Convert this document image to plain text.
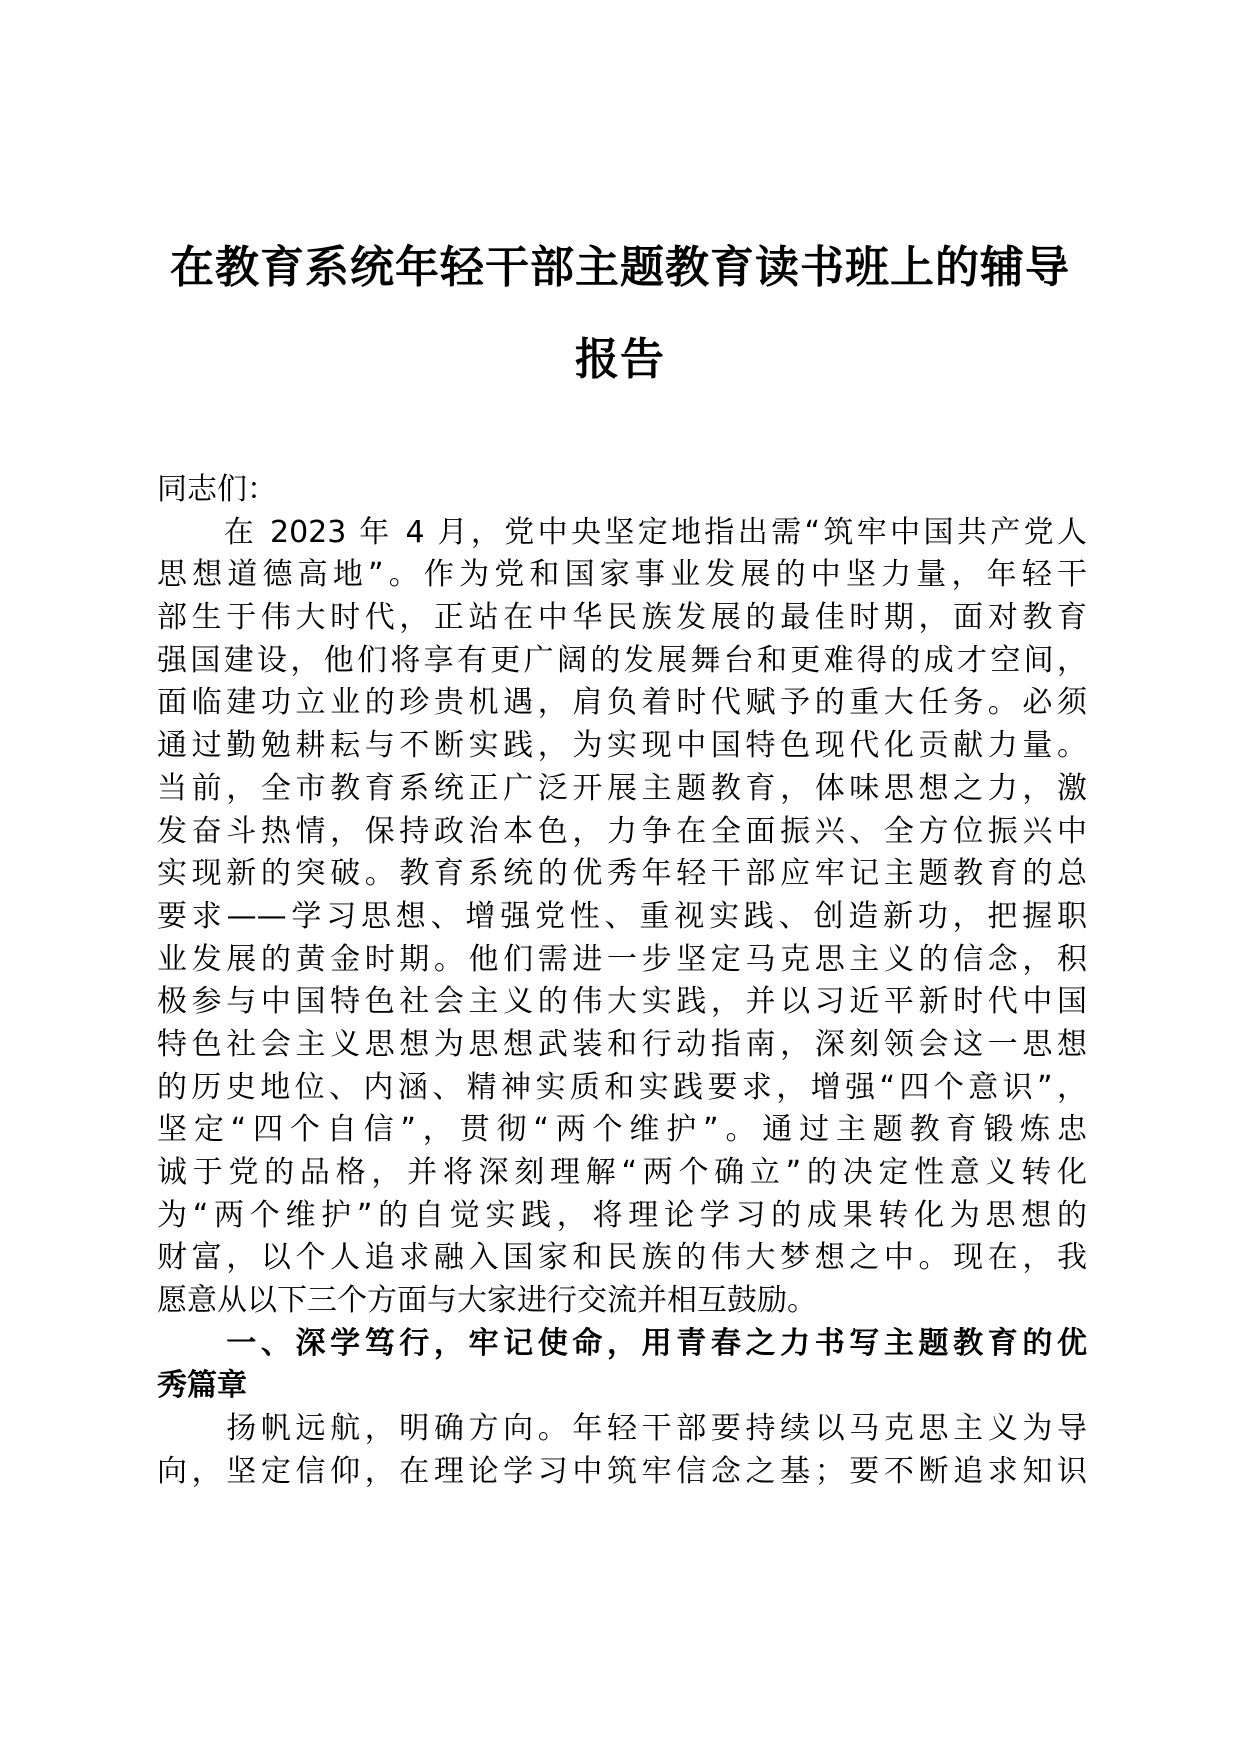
在教育系统年轻干部主题教育读书班上的辅导
报告
同志们：
　　在 2023 年 4 月，党中央坚定地指出需“筑牢中国共产党人
思想道德高地”。作为党和国家事业发展的中坚力量，年轻干
部生于伟大时代，正站在中华民族发展的最佳时期，面对教育
强国建设，他们将享有更广阔的发展舞台和更难得的成才空间，
面临建功立业的珍贵机遇，肩负着时代赋予的重大任务。必须
通过勤勉耕耘与不断实践，为实现中国特色现代化贡献力量。
当前，全市教育系统正广泛开展主题教育，体味思想之力，激
发奋斗热情，保持政治本色，力争在全面振兴、全方位振兴中
实现新的突破。教育系统的优秀年轻干部应牢记主题教育的总
要求——学习思想、增强党性、重视实践、创造新功，把握职
业发展的黄金时期。他们需进一步坚定马克思主义的信念，积
极参与中国特色社会主义的伟大实践，并以习近平新时代中国
特色社会主义思想为思想武装和行动指南，深刻领会这一思想
的历史地位、内涵、精神实质和实践要求，增强“四个意识”，
坚定“四个自信”，贯彻“两个维护”。通过主题教育锻炼忠
诚于党的品格，并将深刻理解“两个确立”的决定性意义转化
为“两个维护”的自觉实践，将理论学习的成果转化为思想的
财富，以个人追求融入国家和民族的伟大梦想之中。现在，我
愿意从以下三个方面与大家进行交流并相互鼓励。
　　一、深学笃行，牢记使命，用青春之力书写主题教育的优
秀篇章
　　扬帆远航，明确方向。年轻干部要持续以马克思主义为导
向，坚定信仰，在理论学习中筑牢信念之基；要不断追求知识
